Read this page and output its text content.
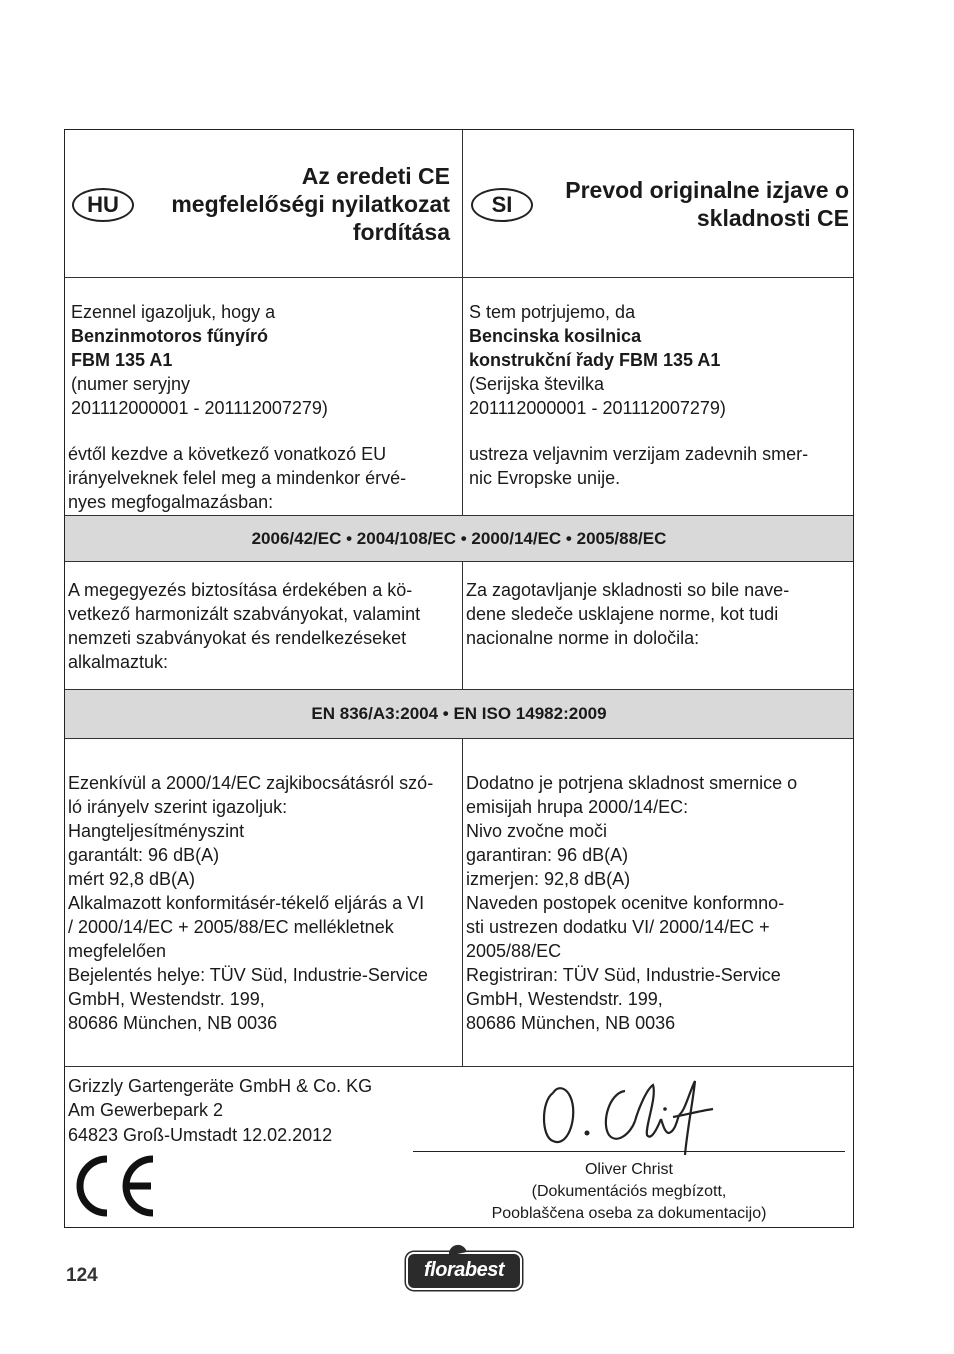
HU
Az eredeti CE
megfelelőségi nyilatkozat
fordítása
SI
Prevod originalne izjave o
skladnosti CE
Ezennel igazoljuk, hogy a
Benzinmotoros fűnyíró
FBM 135 A1
(numer seryjny
201112000001 - 201112007279)
évtől kezdve a következő vonatkozó EU
irányelveknek felel meg a mindenkor érvé-
nyes megfogalmazásban:
S tem potrjujemo, da
Bencinska kosilnica
konstrukční řady FBM 135 A1
(Serijska številka
201112000001 - 201112007279)
ustreza veljavnim verzijam zadevnih smer-
nic Evropske unije.
2006/42/EC • 2004/108/EC • 2000/14/EC • 2005/88/EC
A megegyezés biztosítása érdekében a kö-
vetkező harmonizált szabványokat, valamint
nemzeti szabványokat és rendelkezéseket
alkalmaztuk:
Za zagotavljanje skladnosti so bile nave-
dene sledeče usklajene norme, kot tudi
nacionalne norme in določila:
EN 836/A3:2004 • EN ISO 14982:2009
Ezenkívül a 2000/14/EC zajkibocsátásról szó-
ló irányelv szerint igazoljuk:
Hangteljesítményszint
garantált: 96 dB(A)
mért 92,8 dB(A)
Alkalmazott konformitásér-tékelő eljárás a VI
/ 2000/14/EC + 2005/88/EC mellékletnek
megfelelően
Bejelentés helye: TÜV Süd, Industrie-Service
GmbH, Westendstr. 199,
80686 München, NB 0036
Dodatno je potrjena skladnost smernice o
emisijah hrupa 2000/14/EC:
Nivo zvočne moči
garantiran: 96 dB(A)
izmerjen: 92,8 dB(A)
Naveden postopek ocenitve konformno-
sti ustrezen dodatku VI/ 2000/14/EC +
2005/88/EC
Registriran: TÜV Süd, Industrie-Service
GmbH, Westendstr. 199,
80686 München, NB 0036
Grizzly Gartengeräte GmbH & Co. KG
Am Gewerbepark 2
64823 Groß-Umstadt 12.02.2012
Oliver Christ
(Dokumentációs megbízott,
Pooblaščena oseba za dokumentacijo)
124	florabest
